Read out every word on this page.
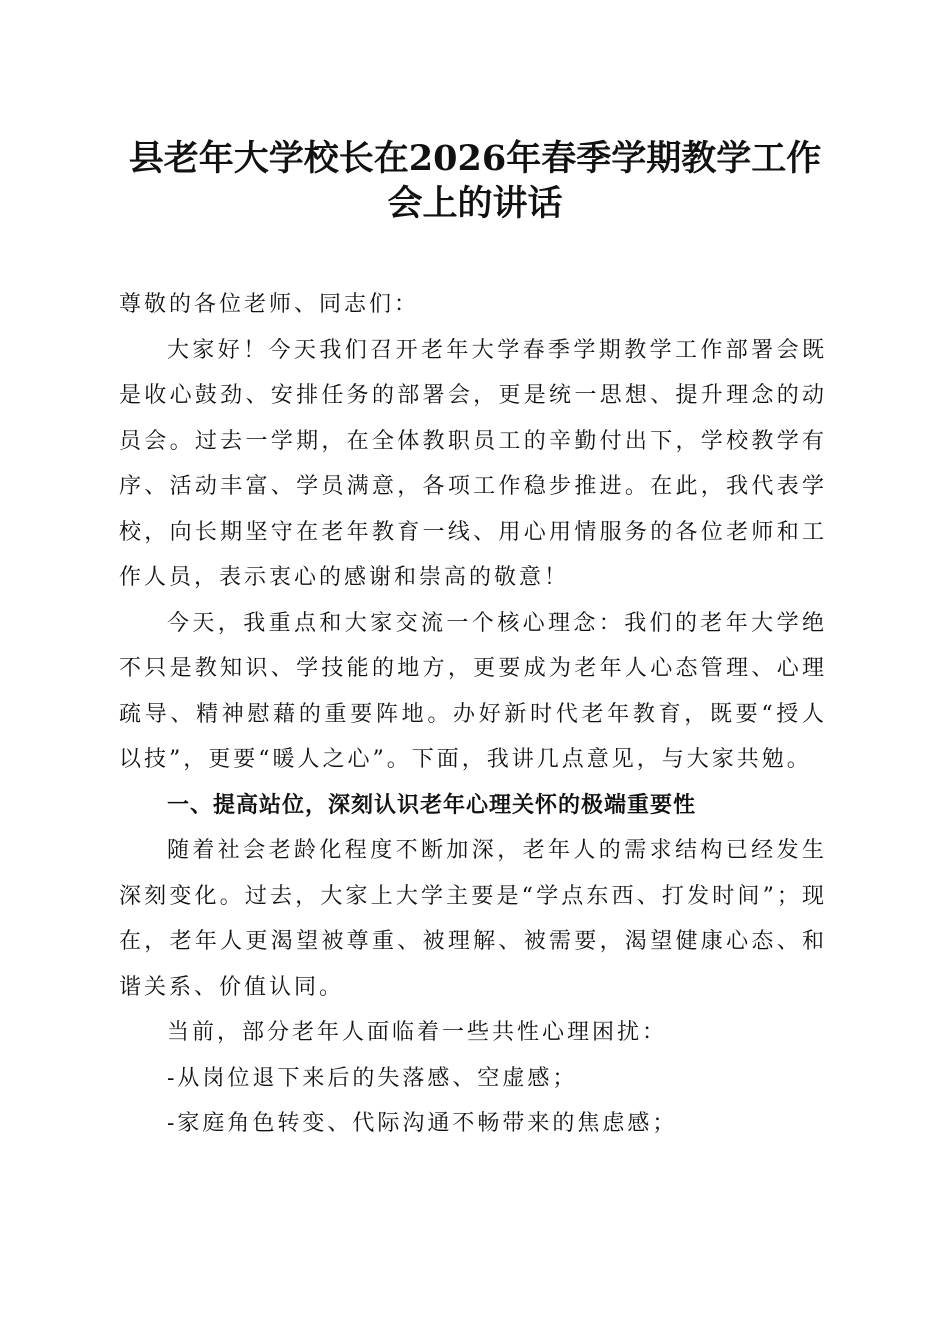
县老年大学校长在2026年春季学期教学工作
会上的讲话

尊敬的各位老师、同志们：

大家好！今天我们召开老年大学春季学期教学工作部署会既是收心鼓劲、安排任务的部署会，更是统一思想、提升理念的动员会。过去一学期，在全体教职员工的辛勤付出下，学校教学有序、活动丰富、学员满意，各项工作稳步推进。在此，我代表学校，向长期坚守在老年教育一线、用心用情服务的各位老师和工作人员，表示衷心的感谢和崇高的敬意！

今天，我重点和大家交流一个核心理念：我们的老年大学绝不只是教知识、学技能的地方，更要成为老年人心态管理、心理疏导、精神慰藉的重要阵地。办好新时代老年教育，既要“授人以技”，更要“暖人之心”。下面，我讲几点意见，与大家共勉。

一、提高站位，深刻认识老年心理关怀的极端重要性

随着社会老龄化程度不断加深，老年人的需求结构已经发生深刻变化。过去，大家上大学主要是“学点东西、打发时间”；现在，老年人更渴望被尊重、被理解、被需要，渴望健康心态、和谐关系、价值认同。

当前，部分老年人面临着一些共性心理困扰：

-从岗位退下来后的失落感、空虚感；

-家庭角色转变、代际沟通不畅带来的焦虑感；
